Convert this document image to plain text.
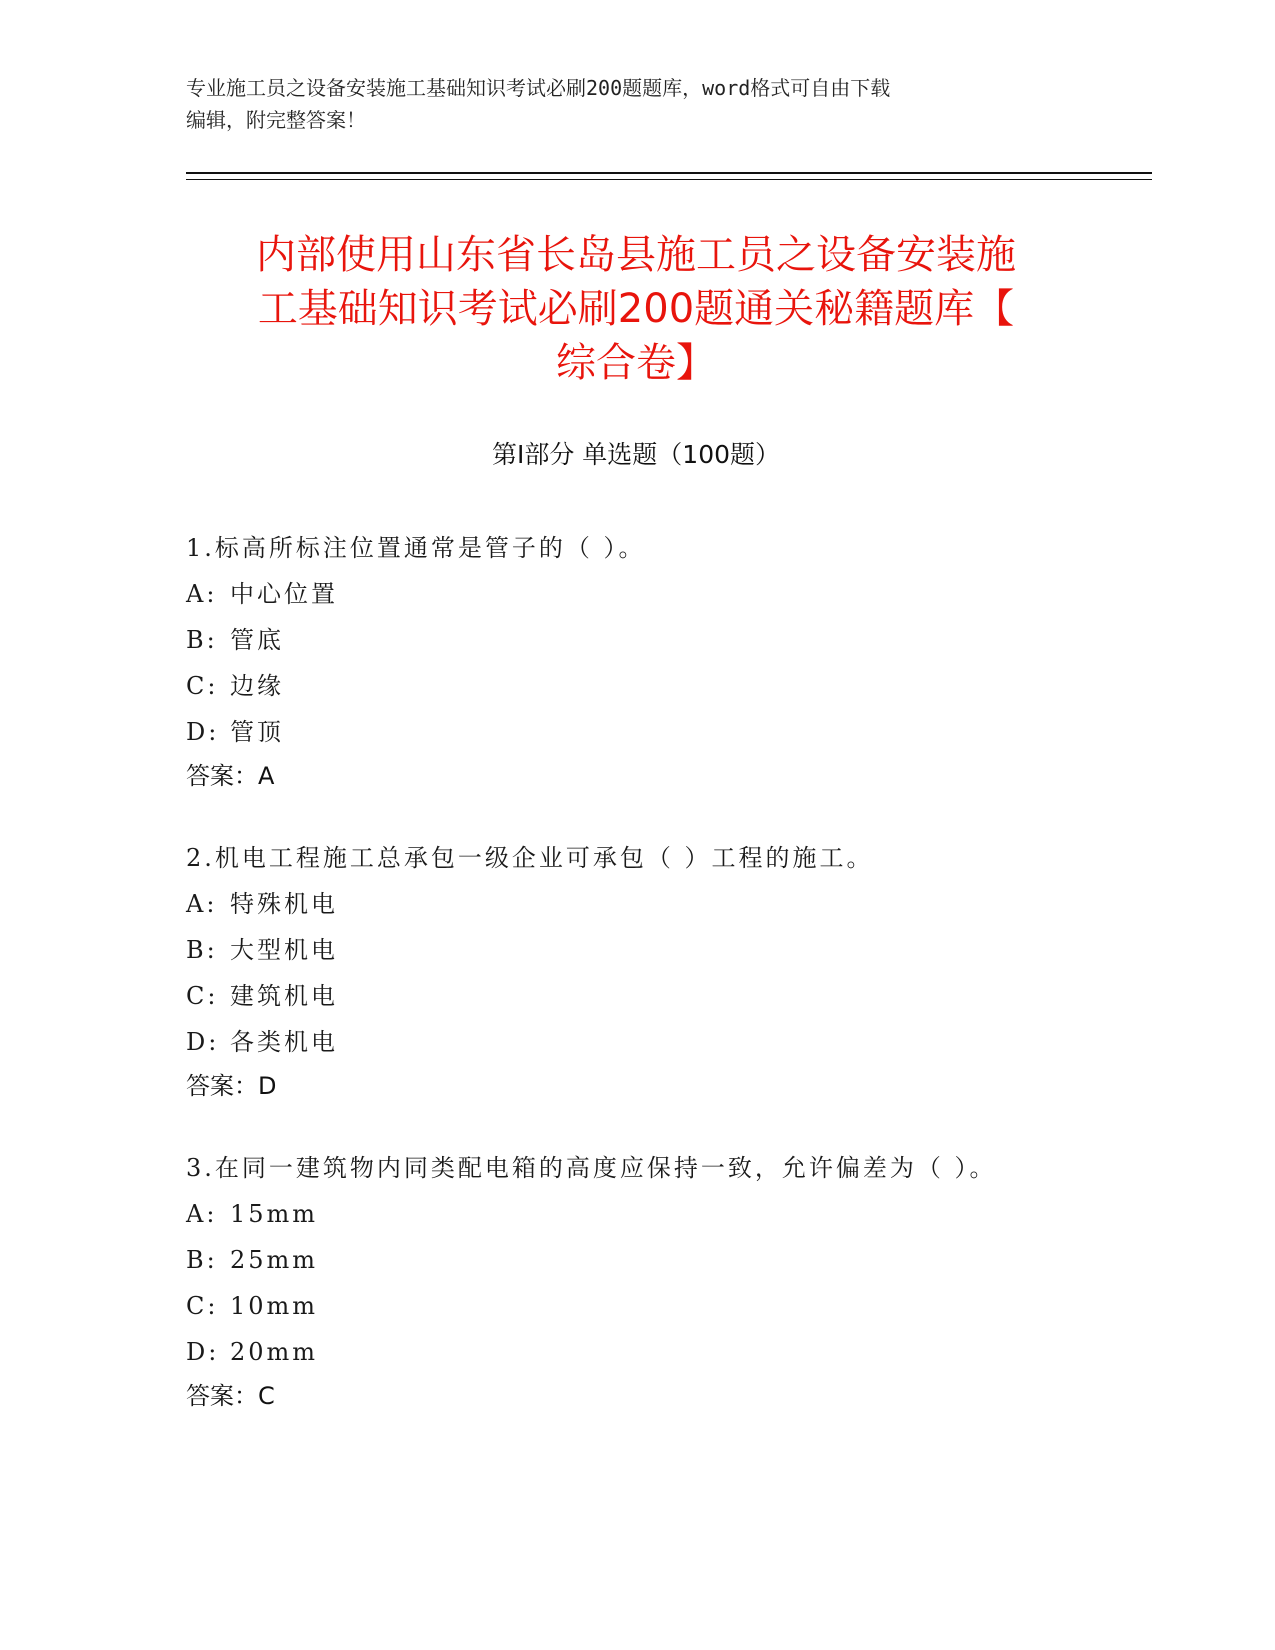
专业施工员之设备安装施工基础知识考试必刷200题题库，word格式可自由下载
编辑，附完整答案！
内部使用山东省长岛县施工员之设备安装施
工基础知识考试必刷200题通关秘籍题库【
综合卷】
第Ⅰ部分 单选题（100题）
1.标高所标注位置通常是管子的（ ）。
A: 中心位置
B: 管底
C: 边缘
D: 管顶
答案：A
2.机电工程施工总承包一级企业可承包（ ）工程的施工。
A: 特殊机电
B: 大型机电
C: 建筑机电
D: 各类机电
答案：D
3.在同一建筑物内同类配电箱的高度应保持一致，允许偏差为（ ）。
A: 15mm
B: 25mm
C: 10mm
D: 20mm
答案：C
